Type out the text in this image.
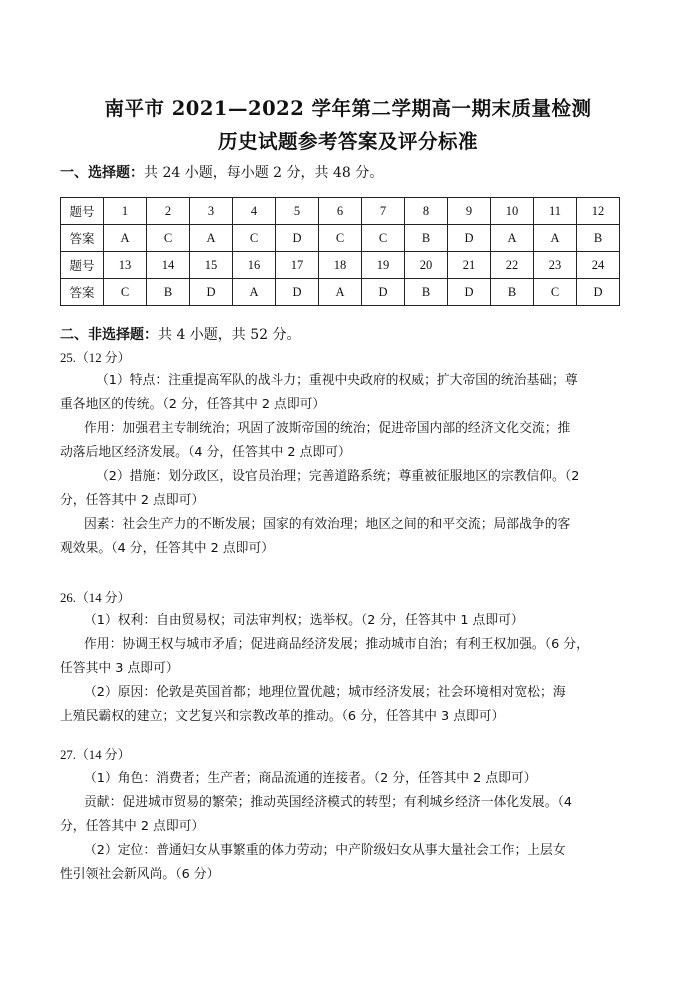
南平市 2021—2022 学年第二学期高一期末质量检测
历史试题参考答案及评分标准
一、选择题：共 24 小题，每小题 2 分，共 48 分。
题号	1	2	3	4	5	6	7	8	9	10	11	12
答案	A	C	A	C	D	C	C	B	D	A	A	B
题号	13	14	15	16	17	18	19	20	21	22	23	24
答案	C	B	D	A	D	A	D	B	D	B	C	D
二、非选择题：共 4 小题，共 52 分。
25.（12 分）
（1）特点：注重提高军队的战斗力；重视中央政府的权威；扩大帝国的统治基础；尊
重各地区的传统。（2 分，任答其中 2 点即可）
作用：加强君主专制统治；巩固了波斯帝国的统治；促进帝国内部的经济文化交流；推
动落后地区经济发展。（4 分，任答其中 2 点即可）
（2）措施：划分政区，设官员治理；完善道路系统；尊重被征服地区的宗教信仰。（2
分，任答其中 2 点即可）
因素：社会生产力的不断发展；国家的有效治理；地区之间的和平交流；局部战争的客
观效果。（4 分，任答其中 2 点即可）
26.（14 分）
（1）权利：自由贸易权；司法审判权；选举权。（2 分，任答其中 1 点即可）
作用：协调王权与城市矛盾；促进商品经济发展；推动城市自治；有利王权加强。（6 分，
任答其中 3 点即可）
（2）原因：伦敦是英国首都；地理位置优越；城市经济发展；社会环境相对宽松；海
上殖民霸权的建立；文艺复兴和宗教改革的推动。（6 分，任答其中 3 点即可）
27.（14 分）
（1）角色：消费者；生产者；商品流通的连接者。（2 分，任答其中 2 点即可）
贡献：促进城市贸易的繁荣；推动英国经济模式的转型；有利城乡经济一体化发展。（4
分，任答其中 2 点即可）
（2）定位：普通妇女从事繁重的体力劳动；中产阶级妇女从事大量社会工作；上层女
性引领社会新风尚。（6 分）
